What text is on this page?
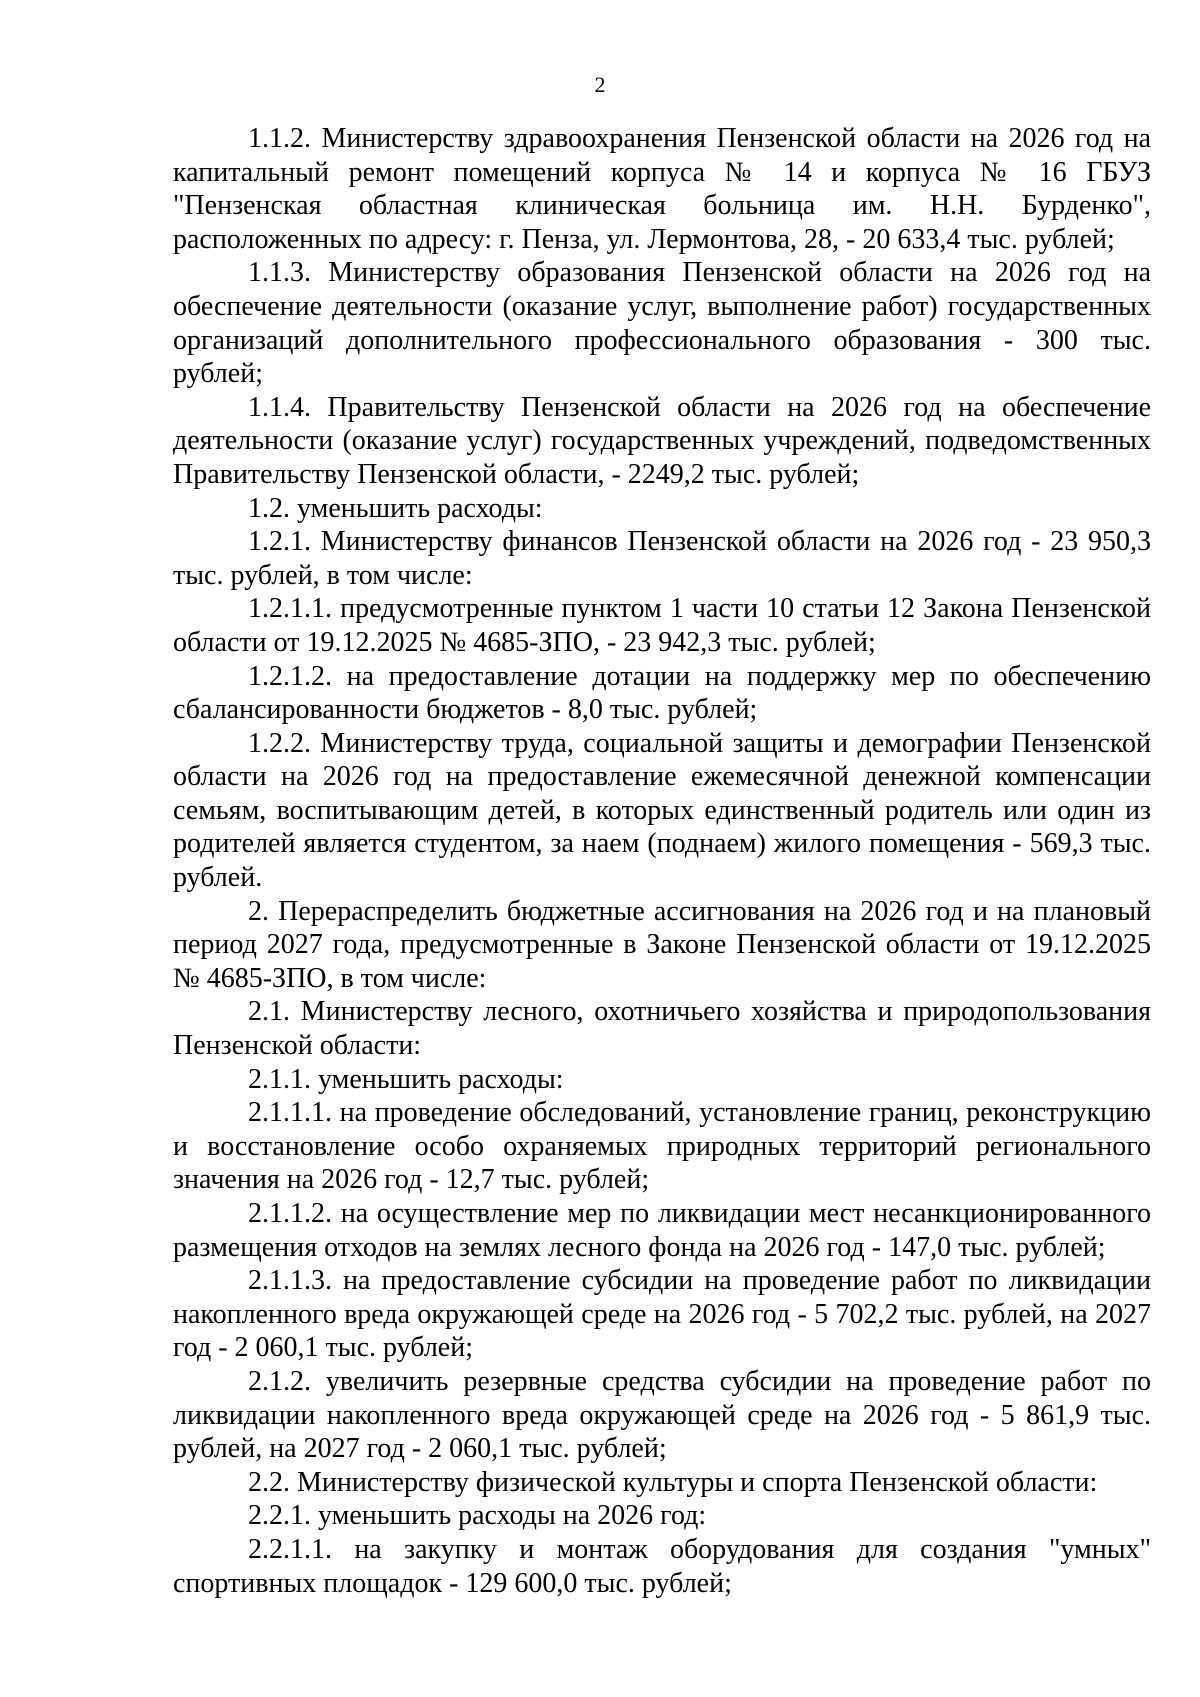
2

1.1.2. Министерству здравоохранения Пензенской области на 2026 год на капитальный ремонт помещений корпуса № 14 и корпуса № 16 ГБУЗ "Пензенская областная клиническая больница им. Н.Н. Бурденко", расположенных по адресу: г. Пенза, ул. Лермонтова, 28, - 20 633,4 тыс. рублей;

1.1.3. Министерству образования Пензенской области на 2026 год на обеспечение деятельности (оказание услуг, выполнение работ) государственных организаций дополнительного профессионального образования - 300 тыс. рублей;

1.1.4. Правительству Пензенской области на 2026 год на обеспечение деятельности (оказание услуг) государственных учреждений, подведомственных Правительству Пензенской области, - 2249,2 тыс. рублей;

1.2. уменьшить расходы:

1.2.1. Министерству финансов Пензенской области на 2026 год - 23 950,3 тыс. рублей, в том числе:

1.2.1.1. предусмотренные пунктом 1 части 10 статьи 12 Закона Пензенской области от 19.12.2025 № 4685-ЗПО, - 23 942,3 тыс. рублей;

1.2.1.2. на предоставление дотации на поддержку мер по обеспечению сбалансированности бюджетов - 8,0 тыс. рублей;

1.2.2. Министерству труда, социальной защиты и демографии Пензенской области на 2026 год на предоставление ежемесячной денежной компенсации семьям, воспитывающим детей, в которых единственный родитель или один из родителей является студентом, за наем (поднаем) жилого помещения - 569,3 тыс. рублей.

2. Перераспределить бюджетные ассигнования на 2026 год и на плановый период 2027 года, предусмотренные в Законе Пензенской области от 19.12.2025 № 4685-ЗПО, в том числе:

2.1. Министерству лесного, охотничьего хозяйства и природопользования Пензенской области:

2.1.1. уменьшить расходы:

2.1.1.1. на проведение обследований, установление границ, реконструкцию и восстановление особо охраняемых природных территорий регионального значения на 2026 год - 12,7 тыс. рублей;

2.1.1.2. на осуществление мер по ликвидации мест несанкционированного размещения отходов на землях лесного фонда на 2026 год - 147,0 тыс. рублей;

2.1.1.3. на предоставление субсидии на проведение работ по ликвидации накопленного вреда окружающей среде на 2026 год - 5 702,2 тыс. рублей, на 2027 год - 2 060,1 тыс. рублей;

2.1.2. увеличить резервные средства субсидии на проведение работ по ликвидации накопленного вреда окружающей среде на 2026 год - 5 861,9 тыс. рублей, на 2027 год - 2 060,1 тыс. рублей;

2.2. Министерству физической культуры и спорта Пензенской области:

2.2.1. уменьшить расходы на 2026 год:

2.2.1.1. на закупку и монтаж оборудования для создания "умных" спортивных площадок - 129 600,0 тыс. рублей;
